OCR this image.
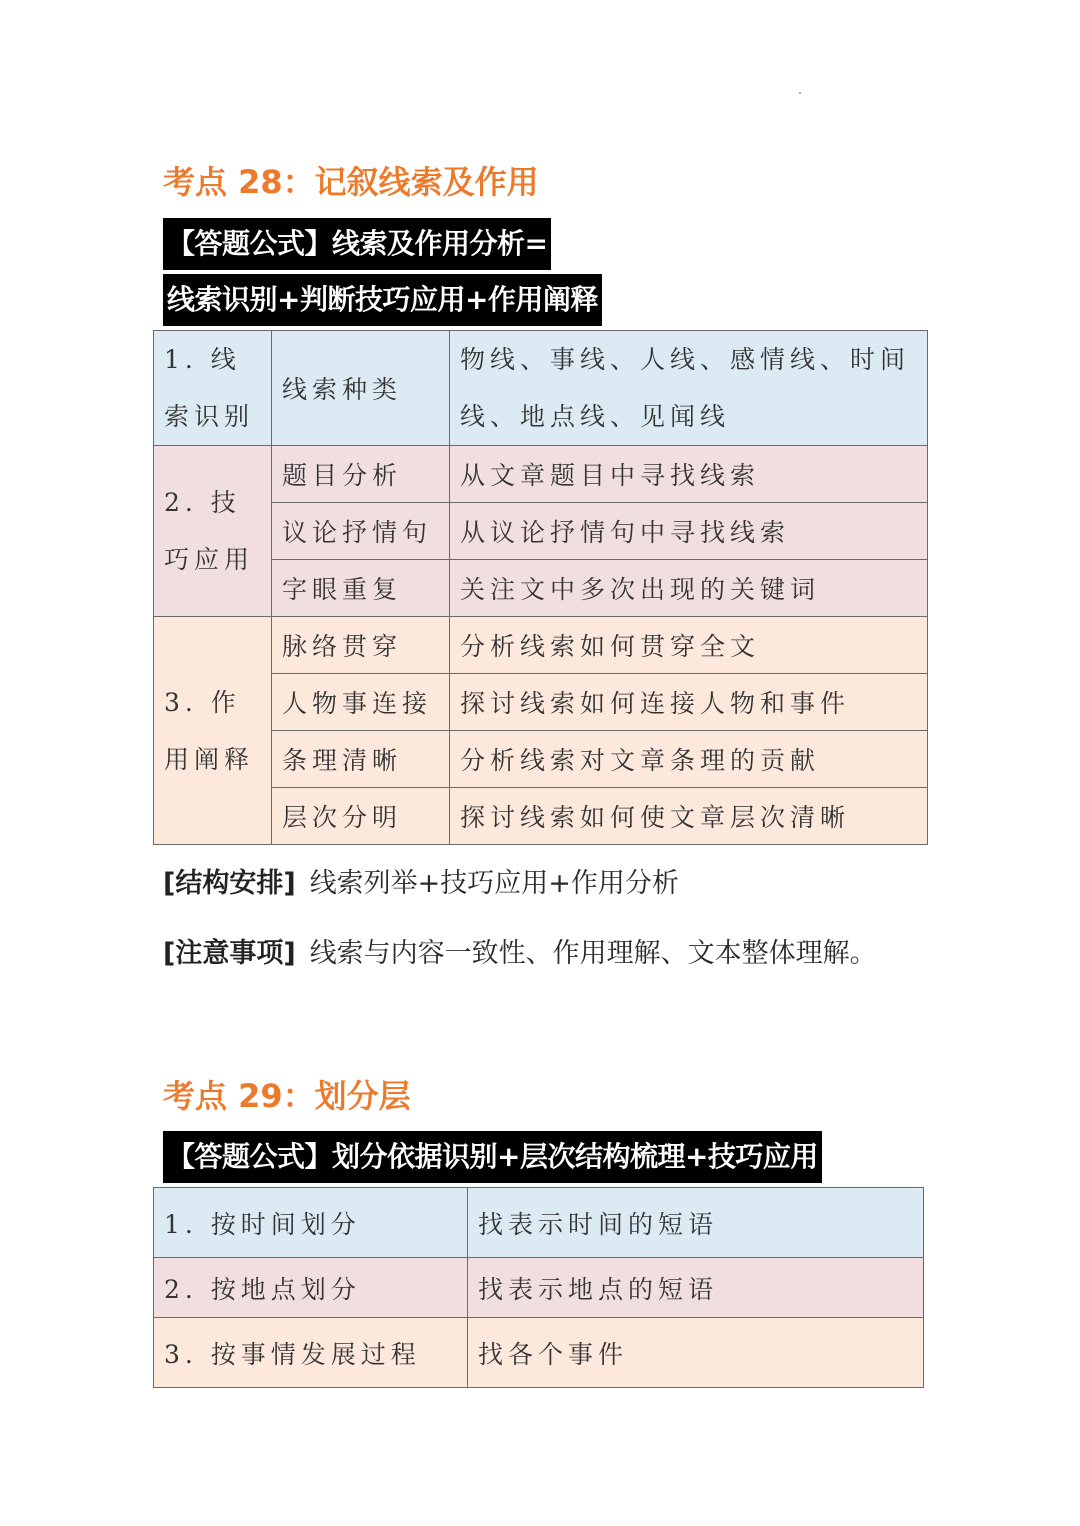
考点 28：记叙线索及作用
【答题公式】线索及作用分析=
线索识别+判断技巧应用+作用阐释
1. 线索识别	线索种类	物线、事线、人线、感情线、时间线、地点线、见闻线
2. 技巧应用	题目分析	从文章题目中寻找线索
	议论抒情句	从议论抒情句中寻找线索
	字眼重复	关注文中多次出现的关键词
3. 作用阐释	脉络贯穿	分析线索如何贯穿全文
	人物事连接	探讨线索如何连接人物和事件
	条理清晰	分析线索对文章条理的贡献
	层次分明	探讨线索如何使文章层次清晰
[结构安排] 线索列举+技巧应用+作用分析
[注意事项] 线索与内容一致性、作用理解、文本整体理解。
考点 29：划分层
【答题公式】划分依据识别+层次结构梳理+技巧应用
1. 按时间划分	找表示时间的短语
2. 按地点划分	找表示地点的短语
3. 按事情发展过程	找各个事件
